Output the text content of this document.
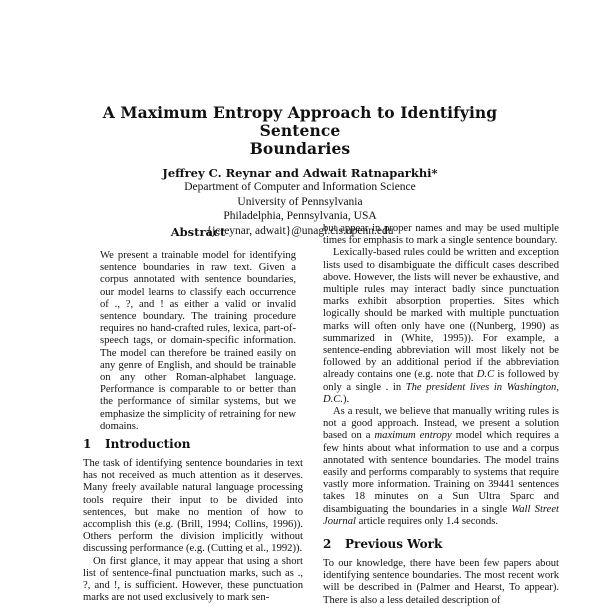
A Maximum Entropy Approach to Identifying Sentence
Boundaries
Jeffrey C. Reynar and Adwait Ratnaparkhi*
Department of Computer and Information Science
University of Pennsylvania
Philadelphia, Pennsylvania, USA
{jcreynar, adwait}@unagi.cis.upenn.edu
Abstract

We present a trainable model for identifying sentence boundaries in raw text. Given a corpus annotated with sentence boundaries, our model learns to classify each occurrence of ., ?, and ! as either a valid or invalid sentence boundary. The training procedure requires no hand-crafted rules, lexica, part-of-speech tags, or domain-specific information. The model can therefore be trained easily on any genre of English, and should be trainable on any other Roman-alphabet language. Performance is comparable to or better than the performance of similar systems, but we emphasize the simplicity of retraining for new domains.

1 Introduction

The task of identifying sentence boundaries in text has not received as much attention as it deserves. Many freely available natural language processing tools require their input to be divided into sentences, but make no mention of how to accomplish this (e.g. (Brill, 1994; Collins, 1996)). Others perform the division implicitly without discussing performance (e.g. (Cutting et al., 1992)).

On first glance, it may appear that using a short list of sentence-final punctuation marks, such as ., ?, and !, is sufficient. However, these punctuation marks are not used exclusively to mark sen-

but appear in proper names and may be used multiple times for emphasis to mark a single sentence boundary.

Lexically-based rules could be written and exception lists used to disambiguate the difficult cases described above. However, the lists will never be exhaustive, and multiple rules may interact badly since punctuation marks exhibit absorption properties. Sites which logically should be marked with multiple punctuation marks will often only have one ((Nunberg, 1990) as summarized in (White, 1995)). For example, a sentence-ending abbreviation will most likely not be followed by an additional period if the abbreviation already contains one (e.g. note that D.C is followed by only a single . in The president lives in Washington, D.C.).

As a result, we believe that manually writing rules is not a good approach. Instead, we present a solution based on a maximum entropy model which requires a few hints about what information to use and a corpus annotated with sentence boundaries. The model trains easily and performs comparably to systems that require vastly more information. Training on 39441 sentences takes 18 minutes on a Sun Ultra Sparc and disambiguating the boundaries in a single Wall Street Journal article requires only 1.4 seconds.

2 Previous Work

To our knowledge, there have been few papers about identifying sentence boundaries. The most recent work will be described in (Palmer and Hearst, To appear). There is also a less detailed description of
